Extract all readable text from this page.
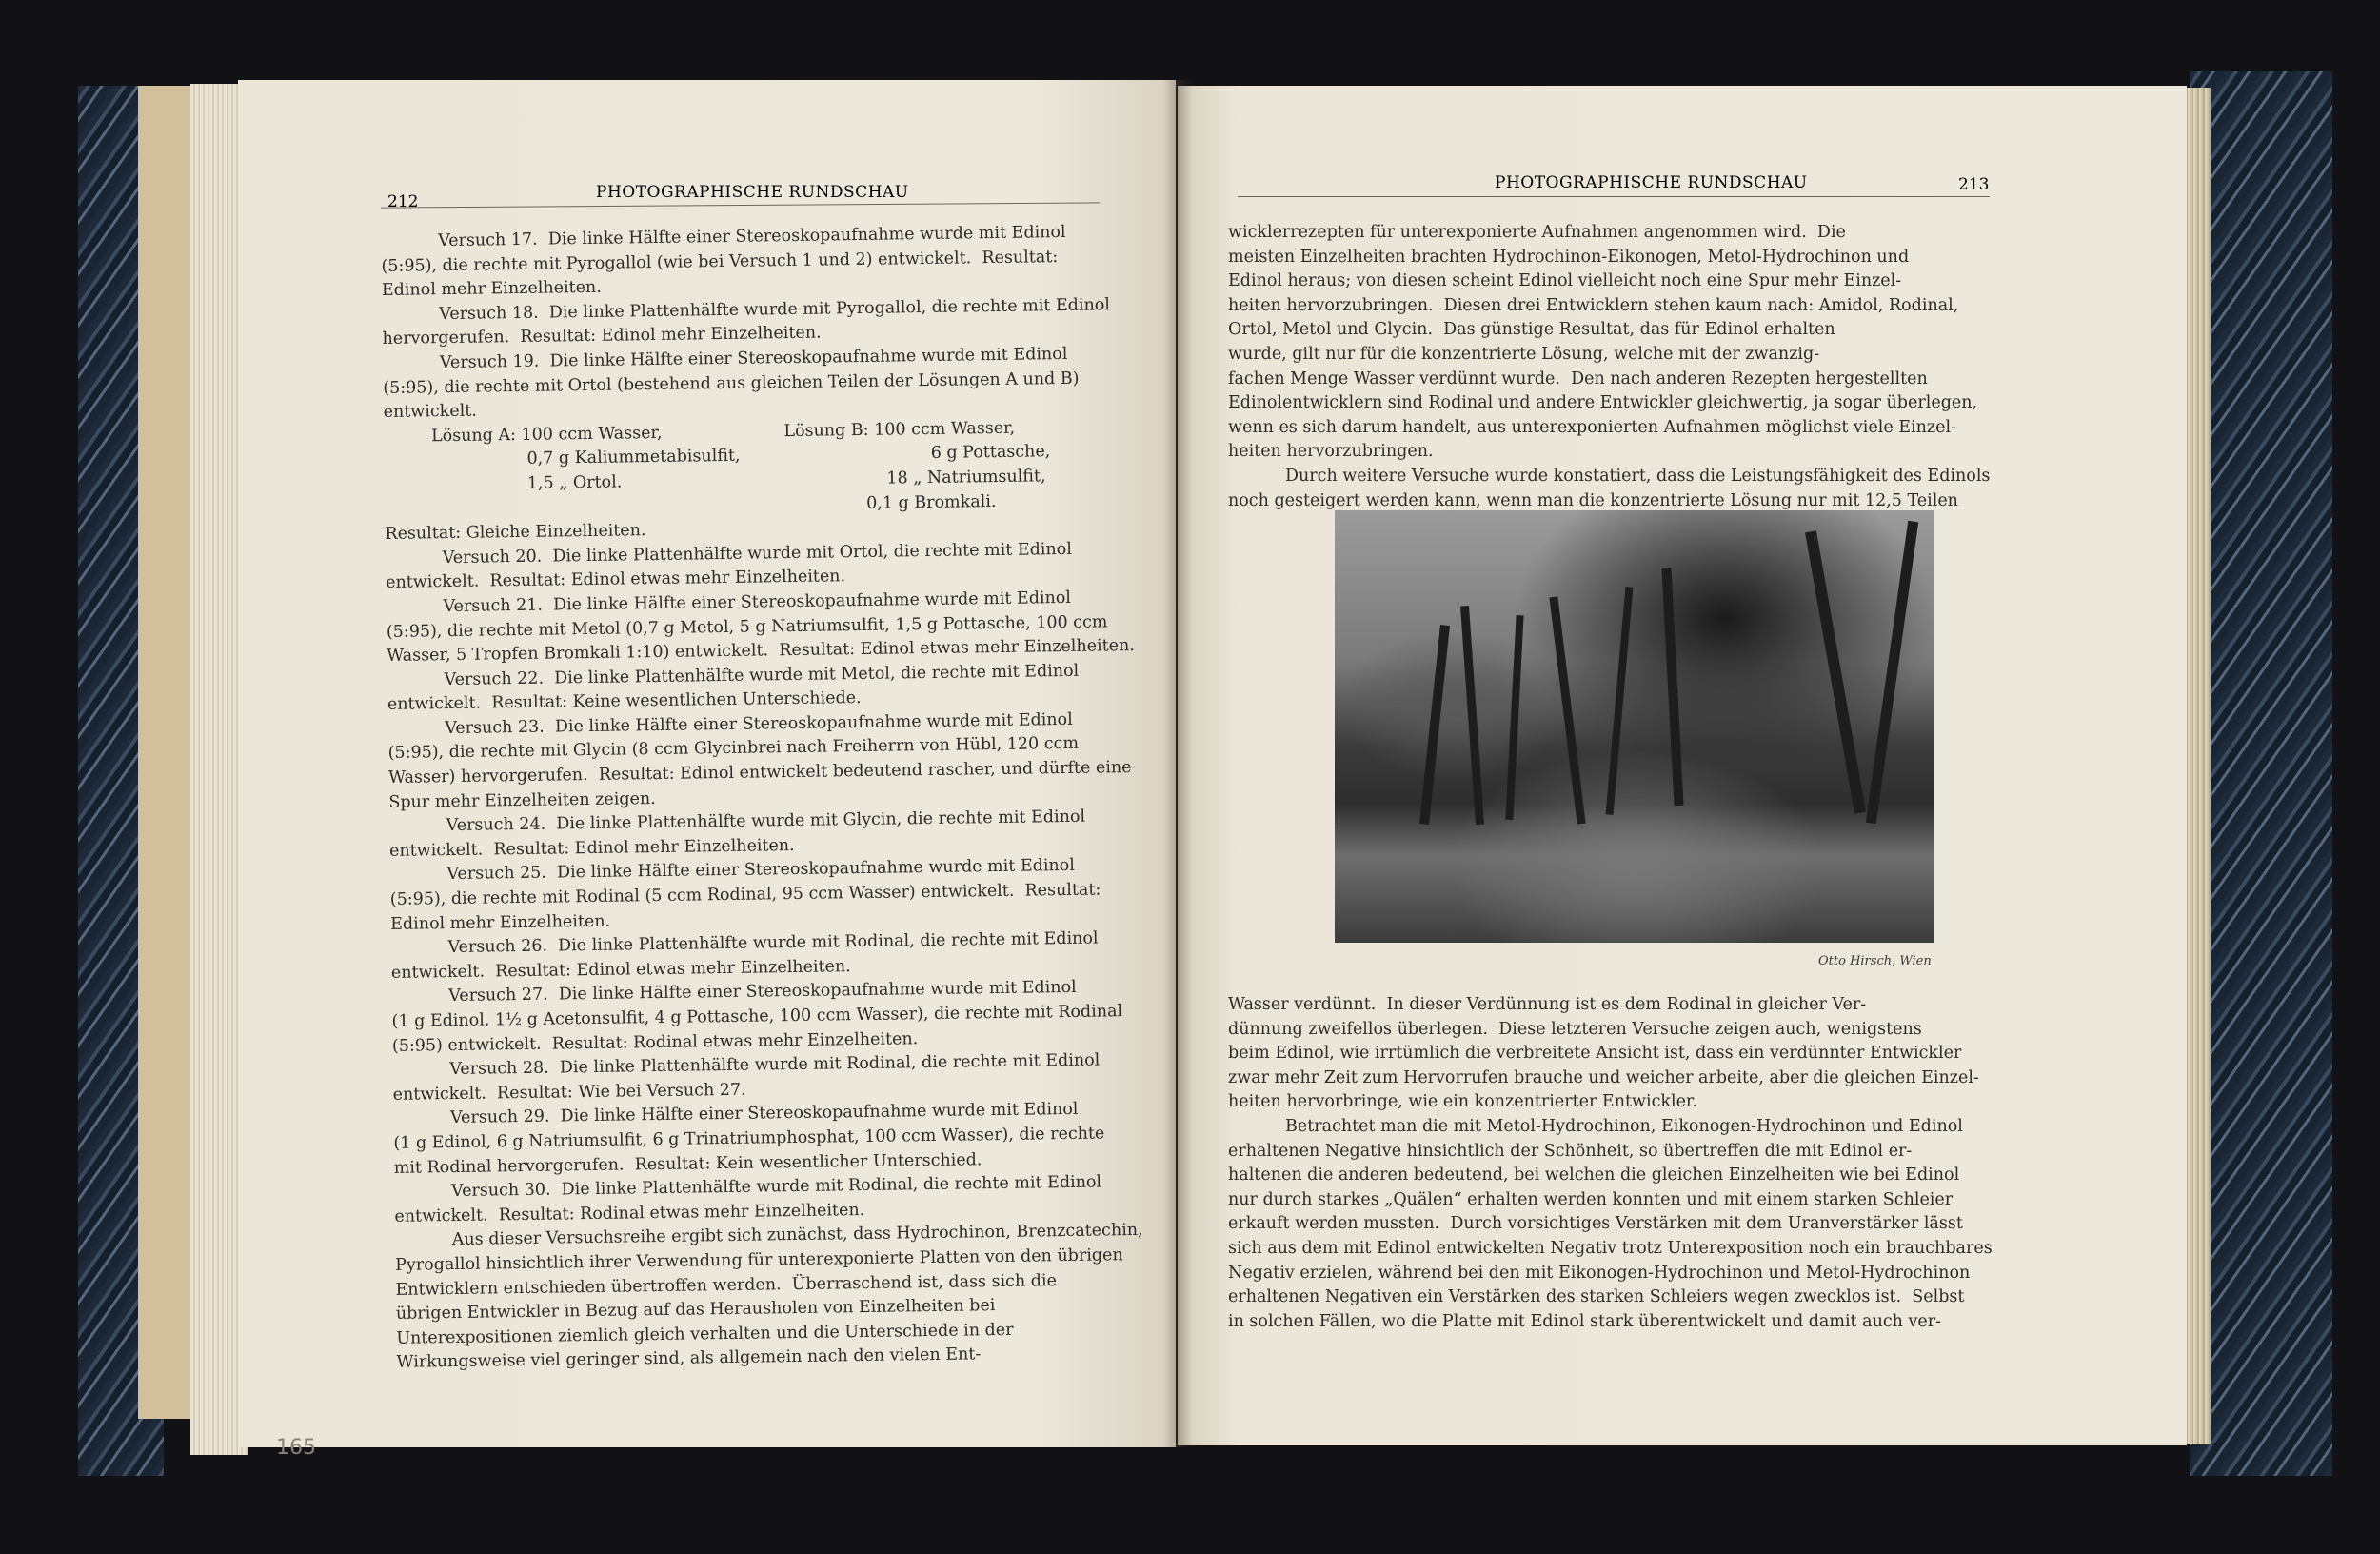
212	PHOTOGRAPHISCHE RUNDSCHAU

Versuch 17.  Die linke Hälfte einer Stereoskopaufnahme wurde mit Edinol

(5:95), die rechte mit Pyrogallol (wie bei Versuch 1 und 2) entwickelt.  Resultat:

Edinol mehr Einzelheiten.

Versuch 18.  Die linke Plattenhälfte wurde mit Pyrogallol, die rechte mit Edinol

hervorgerufen.  Resultat: Edinol mehr Einzelheiten.

Versuch 19.  Die linke Hälfte einer Stereoskopaufnahme wurde mit Edinol

(5:95), die rechte mit Ortol (bestehend aus gleichen Teilen der Lösungen A und B)

entwickelt.

Lösung A: 100 ccm Wasser,                       Lösung B: 100 ccm Wasser,

0,7 g Kaliummetabisulfit,                                    6 g Pottasche,

1,5 „ Ortol.                                                  18 „ Natriumsulfit,

0,1 g Bromkali.

Resultat: Gleiche Einzelheiten.

Versuch 20.  Die linke Plattenhälfte wurde mit Ortol, die rechte mit Edinol

entwickelt.  Resultat: Edinol etwas mehr Einzelheiten.

Versuch 21.  Die linke Hälfte einer Stereoskopaufnahme wurde mit Edinol

(5:95), die rechte mit Metol (0,7 g Metol, 5 g Natriumsulfit, 1,5 g Pottasche, 100 ccm

Wasser, 5 Tropfen Bromkali 1:10) entwickelt.  Resultat: Edinol etwas mehr Einzelheiten.

Versuch 22.  Die linke Plattenhälfte wurde mit Metol, die rechte mit Edinol

entwickelt.  Resultat: Keine wesentlichen Unterschiede.

Versuch 23.  Die linke Hälfte einer Stereoskopaufnahme wurde mit Edinol

(5:95), die rechte mit Glycin (8 ccm Glycinbrei nach Freiherrn von Hübl, 120 ccm

Wasser) hervorgerufen.  Resultat: Edinol entwickelt bedeutend rascher, und dürfte eine

Spur mehr Einzelheiten zeigen.

Versuch 24.  Die linke Plattenhälfte wurde mit Glycin, die rechte mit Edinol

entwickelt.  Resultat: Edinol mehr Einzelheiten.

Versuch 25.  Die linke Hälfte einer Stereoskopaufnahme wurde mit Edinol

(5:95), die rechte mit Rodinal (5 ccm Rodinal, 95 ccm Wasser) entwickelt.  Resultat:

Edinol mehr Einzelheiten.

Versuch 26.  Die linke Plattenhälfte wurde mit Rodinal, die rechte mit Edinol

entwickelt.  Resultat: Edinol etwas mehr Einzelheiten.

Versuch 27.  Die linke Hälfte einer Stereoskopaufnahme wurde mit Edinol

(1 g Edinol, 1½ g Acetonsulfit, 4 g Pottasche, 100 ccm Wasser), die rechte mit Rodinal

(5:95) entwickelt.  Resultat: Rodinal etwas mehr Einzelheiten.

Versuch 28.  Die linke Plattenhälfte wurde mit Rodinal, die rechte mit Edinol

entwickelt.  Resultat: Wie bei Versuch 27.

Versuch 29.  Die linke Hälfte einer Stereoskopaufnahme wurde mit Edinol

(1 g Edinol, 6 g Natriumsulfit, 6 g Trinatriumphosphat, 100 ccm Wasser), die rechte

mit Rodinal hervorgerufen.  Resultat: Kein wesentlicher Unterschied.

Versuch 30.  Die linke Plattenhälfte wurde mit Rodinal, die rechte mit Edinol

entwickelt.  Resultat: Rodinal etwas mehr Einzelheiten.

Aus dieser Versuchsreihe ergibt sich zunächst, dass Hydrochinon, Brenzcatechin,

Pyrogallol hinsichtlich ihrer Verwendung für unterexponierte Platten von den übrigen

Entwicklern entschieden übertroffen werden.  Überraschend ist, dass sich die

übrigen Entwickler in Bezug auf das Herausholen von Einzelheiten bei

Unterexpositionen ziemlich gleich verhalten und die Unterschiede in der

Wirkungsweise viel geringer sind, als allgemein nach den vielen Ent-

165
PHOTOGRAPHISCHE RUNDSCHAU	213

wicklerrezepten für unterexponierte Aufnahmen angenommen wird.  Die

meisten Einzelheiten brachten Hydrochinon-Eikonogen, Metol-Hydrochinon und

Edinol heraus; von diesen scheint Edinol vielleicht noch eine Spur mehr Einzel-

heiten hervorzubringen.  Diesen drei Entwicklern stehen kaum nach: Amidol, Rodinal,

Ortol, Metol und Glycin.  Das günstige Resultat, das für Edinol erhalten

wurde, gilt nur für die konzentrierte Lösung, welche mit der zwanzig-

fachen Menge Wasser verdünnt wurde.  Den nach anderen Rezepten hergestellten

Edinolentwicklern sind Rodinal und andere Entwickler gleichwertig, ja sogar überlegen,

wenn es sich darum handelt, aus unterexponierten Aufnahmen möglichst viele Einzel-

heiten hervorzubringen.

Durch weitere Versuche wurde konstatiert, dass die Leistungsfähigkeit des Edinols

noch gesteigert werden kann, wenn man die konzentrierte Lösung nur mit 12,5 Teilen

Otto Hirsch, Wien

Wasser verdünnt.  In dieser Verdünnung ist es dem Rodinal in gleicher Ver-

dünnung zweifellos überlegen.  Diese letzteren Versuche zeigen auch, wenigstens

beim Edinol, wie irrtümlich die verbreitete Ansicht ist, dass ein verdünnter Entwickler

zwar mehr Zeit zum Hervorrufen brauche und weicher arbeite, aber die gleichen Einzel-

heiten hervorbringe, wie ein konzentrierter Entwickler.

Betrachtet man die mit Metol-Hydrochinon, Eikonogen-Hydrochinon und Edinol

erhaltenen Negative hinsichtlich der Schönheit, so übertreffen die mit Edinol er-

haltenen die anderen bedeutend, bei welchen die gleichen Einzelheiten wie bei Edinol

nur durch starkes „Quälen“ erhalten werden konnten und mit einem starken Schleier

erkauft werden mussten.  Durch vorsichtiges Verstärken mit dem Uranverstärker lässt

sich aus dem mit Edinol entwickelten Negativ trotz Unterexposition noch ein brauchbares

Negativ erzielen, während bei den mit Eikonogen-Hydrochinon und Metol-Hydrochinon

erhaltenen Negativen ein Verstärken des starken Schleiers wegen zwecklos ist.  Selbst

in solchen Fällen, wo die Platte mit Edinol stark überentwickelt und damit auch ver-
